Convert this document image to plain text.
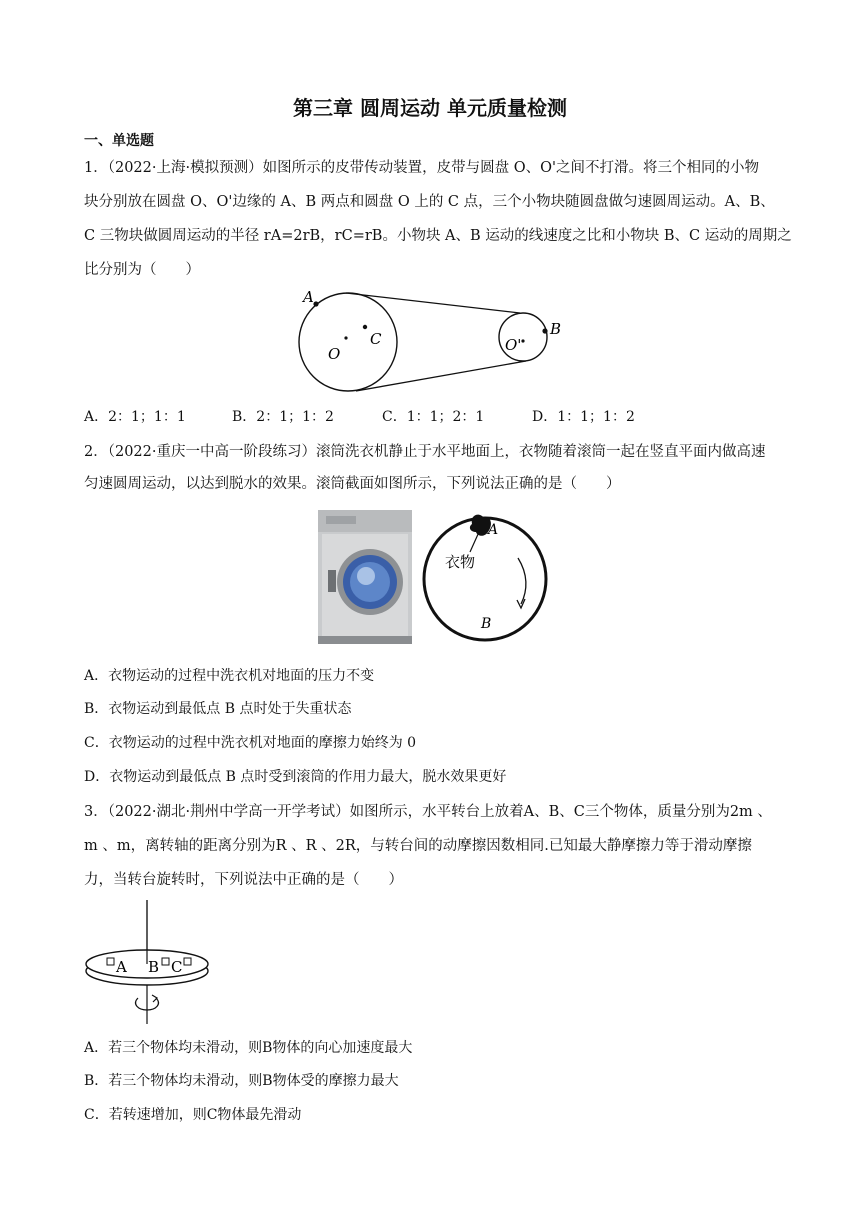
第三章 圆周运动 单元质量检测
一、单选题
1．（2022·上海·模拟预测）如图所示的皮带传动装置，皮带与圆盘 O、O'之间不打滑。将三个相同的小物
块分别放在圆盘 O、O'边缘的 A、B 两点和圆盘 O 上的 C 点，三个小物块随圆盘做匀速圆周运动。A、B、
C 三物块做圆周运动的半径 rA=2rB，rC=rB。小物块 A、B 运动的线速度之比和小物块 B、C 运动的周期之
比分别为（　　）
A
C
O	O'
B
A．2：1；1：1	B．2：1；1：2	C．1：1；2：1	D．1：1；1：2
2．（2022·重庆一中高一阶段练习）滚筒洗衣机静止于水平地面上，衣物随着滚筒一起在竖直平面内做高速
匀速圆周运动，以达到脱水的效果。滚筒截面如图所示，下列说法正确的是（　　）
衣物
A
B
A．衣物运动的过程中洗衣机对地面的压力不变
B．衣物运动到最低点 B 点时处于失重状态
C．衣物运动的过程中洗衣机对地面的摩擦力始终为 0
D．衣物运动到最低点 B 点时受到滚筒的作用力最大，脱水效果更好
3．（2022·湖北·荆州中学高一开学考试）如图所示，水平转台上放着A、B、C三个物体，质量分别为2m 、
m 、m，离转轴的距离分别为R 、R 、2R，与转台间的动摩擦因数相同.已知最大静摩擦力等于滑动摩擦
力，当转台旋转时，下列说法中正确的是（　　）
A B C
A．若三个物体均未滑动，则B物体的向心加速度最大
B．若三个物体均未滑动，则B物体受的摩擦力最大
C．若转速增加，则C物体最先滑动
